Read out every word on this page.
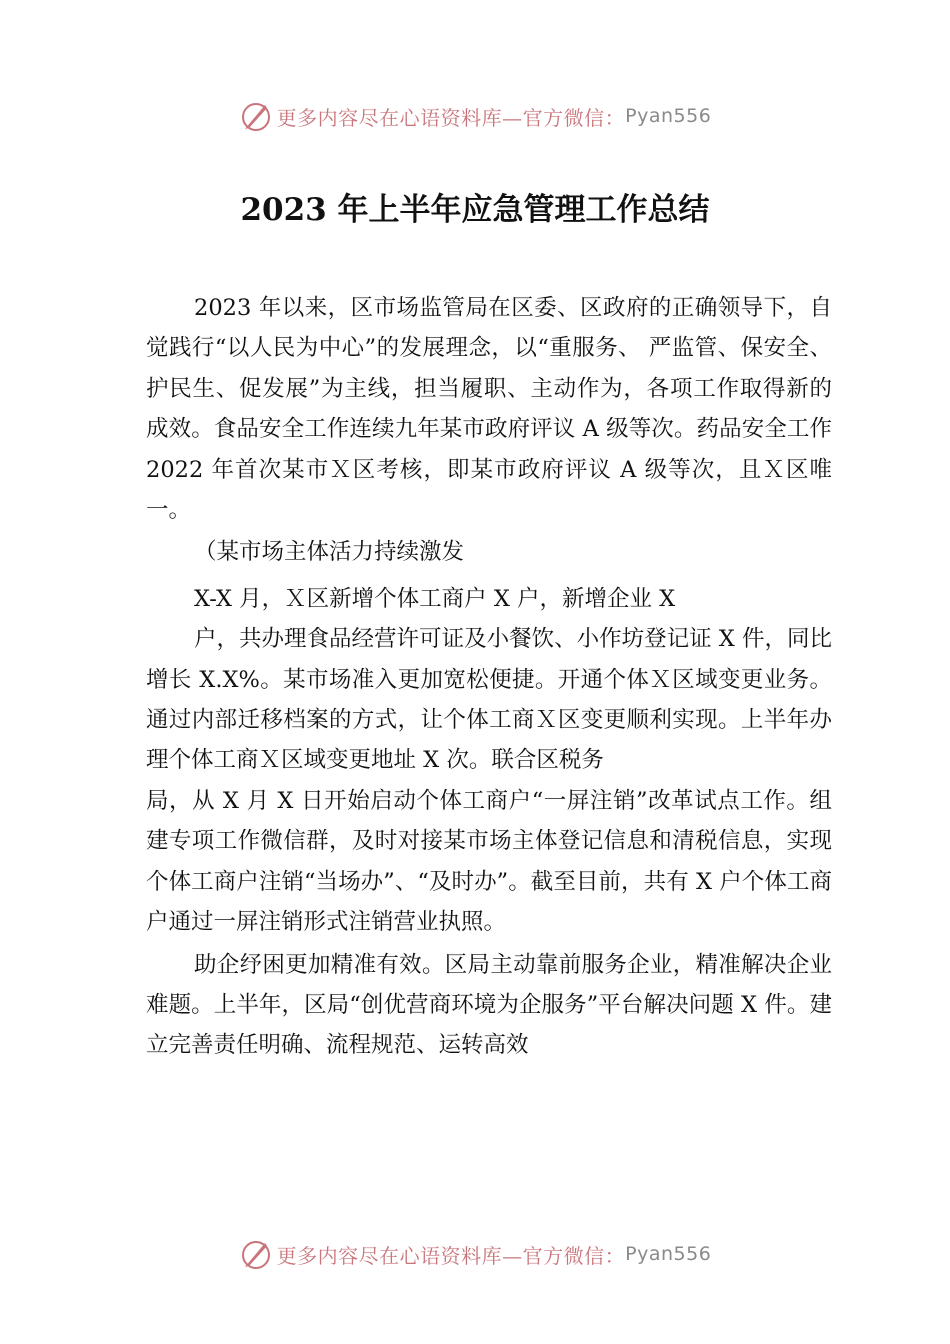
更多内容尽在心语资料库—官方微信： Pyan556
2023 年上半年应急管理工作总结

2023 年以来，区市场监管局在区委、区政府的正确领导下，自觉践行“以人民为中心”的发展理念，以“重服务、 严监管、保安全、护民生、促发展”为主线，担当履职、主动作为，各项工作取得新的成效。食品安全工作连续九年某市政府评议 A 级等次。药品安全工作 2022 年首次某市Ｘ区考核，即某市政府评议 A 级等次，且Ｘ区唯一。

（某市场主体活力持续激发

X-X 月，Ｘ区新增个体工商户 X 户，新增企业 X

户，共办理食品经营许可证及小餐饮、小作坊登记证 X 件，同比增长 X.X%。某市场准入更加宽松便捷。开通个体Ｘ区域变更业务。通过内部迁移档案的方式，让个体工商Ｘ区变更顺利实现。上半年办理个体工商Ｘ区域变更地址 X 次。联合区税务

局，从 X 月 X 日开始启动个体工商户“一屏注销”改革试点工作。组建专项工作微信群，及时对接某市场主体登记信息和清税信息，实现个体工商户注销“当场办”、“及时办”。截至目前，共有 X 户个体工商户通过一屏注销形式注销营业执照。

助企纾困更加精准有效。区局主动靠前服务企业，精准解决企业难题。上半年，区局“创优营商环境为企服务”平台解决问题 X 件。建立完善责任明确、流程规范、运转高效

更多内容尽在心语资料库—官方微信： Pyan556
